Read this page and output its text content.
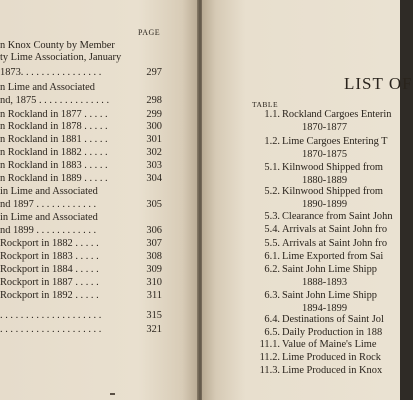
PAGE
n Knox County by Member
ty Lime Association, January
1873. . . . . . . . . . . . . . . .	297
n Lime and Associated
nd, 1875 . . . . . . . . . . . . . .	298
n Rockland in 1877 . . . . .	299
n Rockland in 1878 . . . . .	300
n Rockland in 1881 . . . . .	301
n Rockland in 1882 . . . . .	302
n Rockland in 1883 . . . . .	303
n Rockland in 1889 . . . . .	304
in Lime and Associated
nd 1897 . . . . . . . . . . . .	305
in Lime and Associated
nd 1899 . . . . . . . . . . . .	306
Rockport in 1882 . . . . .	307
Rockport in 1883 . . . . .	308
Rockport in 1884 . . . . .	309
Rockport in 1887 . . . . .	310
Rockport in 1892 . . . . .	311
. . . . . . . . . . . . . . . . . . . .	315
. . . . . . . . . . . . . . . . . . . .	321
LIST OF
TABLE
1.1. Rockland Cargoes Enterin
1870-1877
1.2. Lime Cargoes Entering T
1870-1875
5.1. Kilnwood Shipped from
1880-1889
5.2. Kilnwood Shipped from
1890-1899
5.3. Clearance from Saint John
5.4. Arrivals at Saint John fro
5.5. Arrivals at Saint John fro
6.1. Lime Exported from Sai
6.2. Saint John Lime Shipp
1888-1893
6.3. Saint John Lime Shipp
1894-1899
6.4. Destinations of Saint Jol
6.5. Daily Production in 188
11.1. Value of Maine's Lime
11.2. Lime Produced in Rock
11.3. Lime Produced in Knox
